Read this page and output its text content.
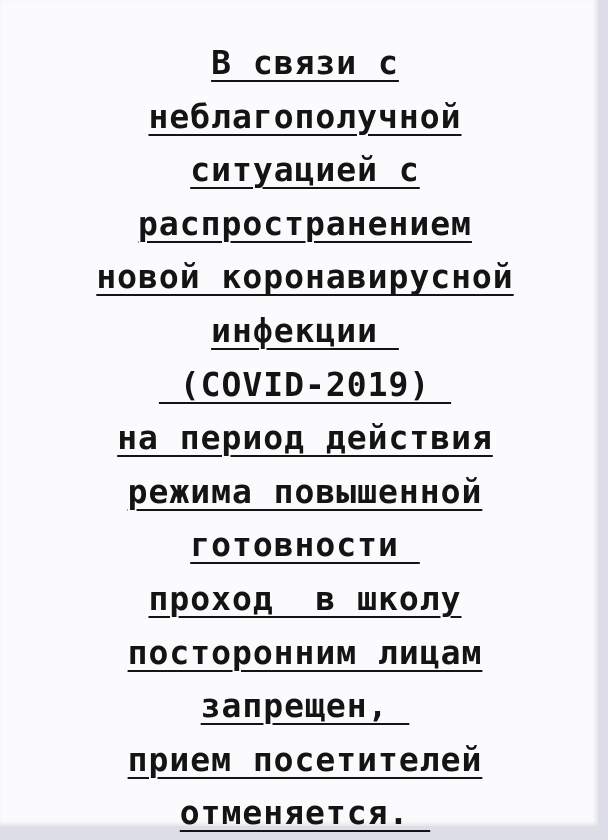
В связи с
неблагополучной
ситуацией с
распространением
новой коронавирусной
инфекции
(COVID-2019)
на период действия
режима повышенной
готовности
проход  в школу
посторонним лицам
запрещен,
прием посетителей
отменяется.
